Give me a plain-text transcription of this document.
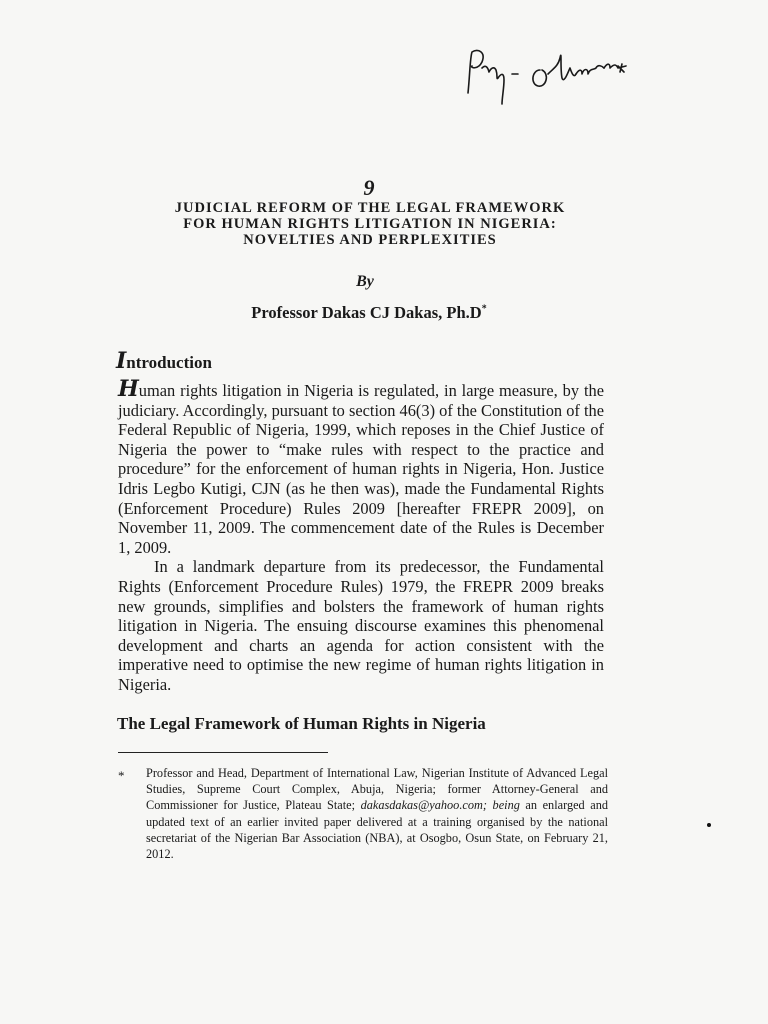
9
JUDICIAL REFORM OF THE LEGAL FRAMEWORK
FOR HUMAN RIGHTS LITIGATION IN NIGERIA:
NOVELTIES AND PERPLEXITIES
By
Professor Dakas CJ Dakas, Ph.D*
Introduction

Human rights litigation in Nigeria is regulated, in large measure, by the judiciary. Accordingly, pursuant to section 46(3) of the Constitution of the Federal Republic of Nigeria, 1999, which reposes in the Chief Justice of Nigeria the power to “make rules with respect to the practice and procedure” for the enforcement of human rights in Nigeria, Hon. Justice Idris Legbo Kutigi, CJN (as he then was), made the Fundamental Rights (Enforcement Procedure) Rules 2009 [hereafter FREPR 2009], on November 11, 2009. The commencement date of the Rules is December 1, 2009.

In a landmark departure from its predecessor, the Fundamental Rights (Enforcement Procedure Rules) 1979, the FREPR 2009 breaks new grounds, simplifies and bolsters the framework of human rights litigation in Nigeria. The ensuing discourse examines this phenomenal development and charts an agenda for action consistent with the imperative need to optimise the new regime of human rights litigation in Nigeria.

The Legal Framework of Human Rights in Nigeria
* Professor and Head, Department of International Law, Nigerian Institute of Advanced Legal Studies, Supreme Court Complex, Abuja, Nigeria; former Attorney-General and Commissioner for Justice, Plateau State; dakasdakas@yahoo.com; being an enlarged and updated text of an earlier invited paper delivered at a training organised by the national secretariat of the Nigerian Bar Association (NBA), at Osogbo, Osun State, on February 21, 2012.
